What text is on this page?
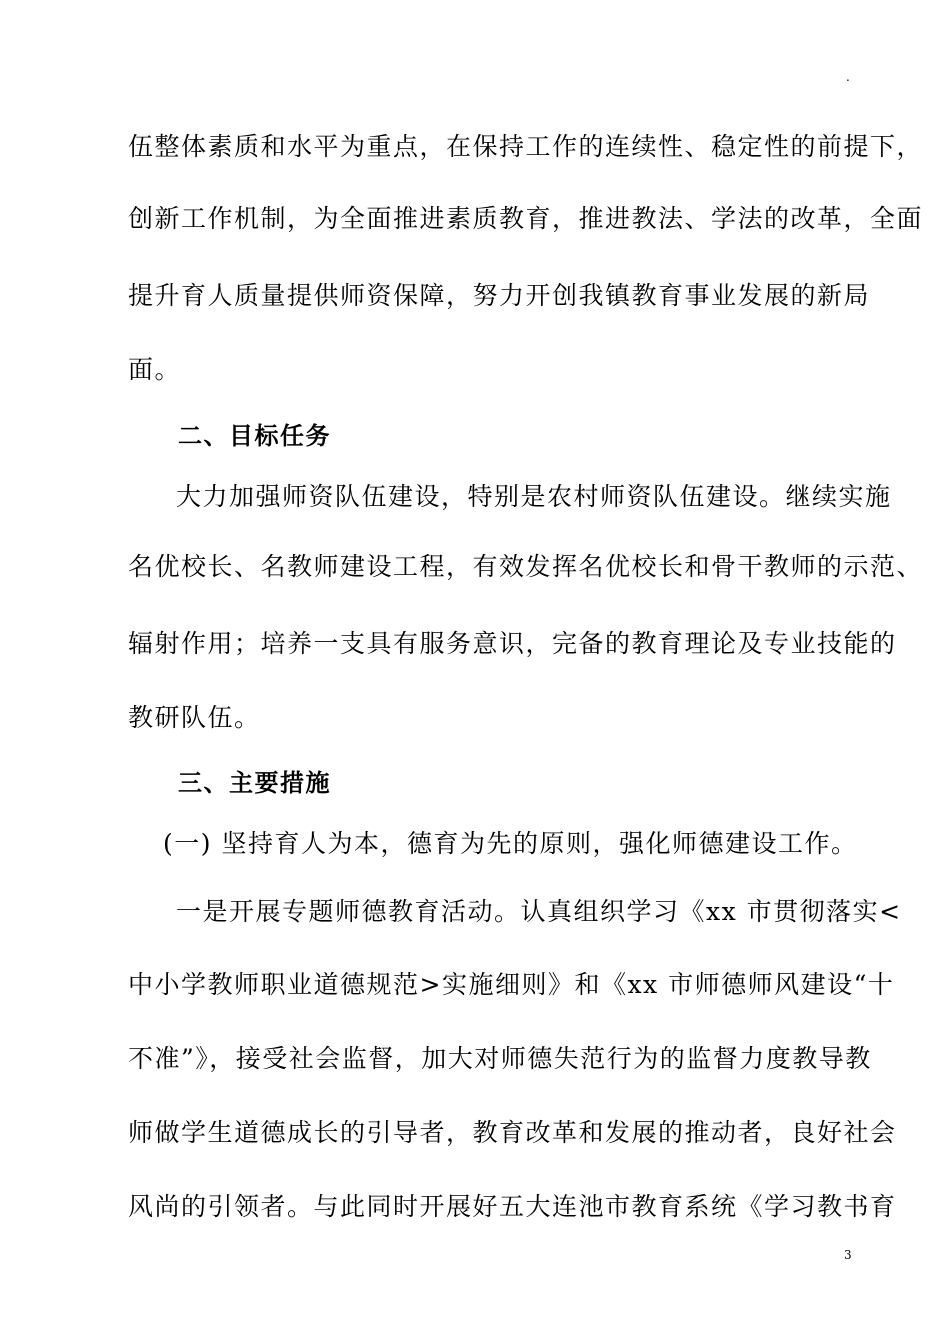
.
伍整体素质和水平为重点，在保持工作的连续性、稳定性的前提下，
创新工作机制，为全面推进素质教育，推进教法、学法的改革，全面
提升育人质量提供师资保障，努力开创我镇教育事业发展的新局
面。
二、目标任务
大力加强师资队伍建设，特别是农村师资队伍建设。继续实施
名优校长、名教师建设工程，有效发挥名优校长和骨干教师的示范、
辐射作用；培养一支具有服务意识，完备的教育理论及专业技能的
教研队伍。
三、主要措施
(一) 坚持育人为本，德育为先的原则，强化师德建设工作。
一是开展专题师德教育活动。认真组织学习《xx 市贯彻落实<
中小学教师职业道德规范>实施细则》和《xx 市师德师风建设“十
不准”》，接受社会监督，加大对师德失范行为的监督力度教导教
师做学生道德成长的引导者，教育改革和发展的推动者，良好社会
风尚的引领者。与此同时开展好五大连池市教育系统《学习教书育
3
